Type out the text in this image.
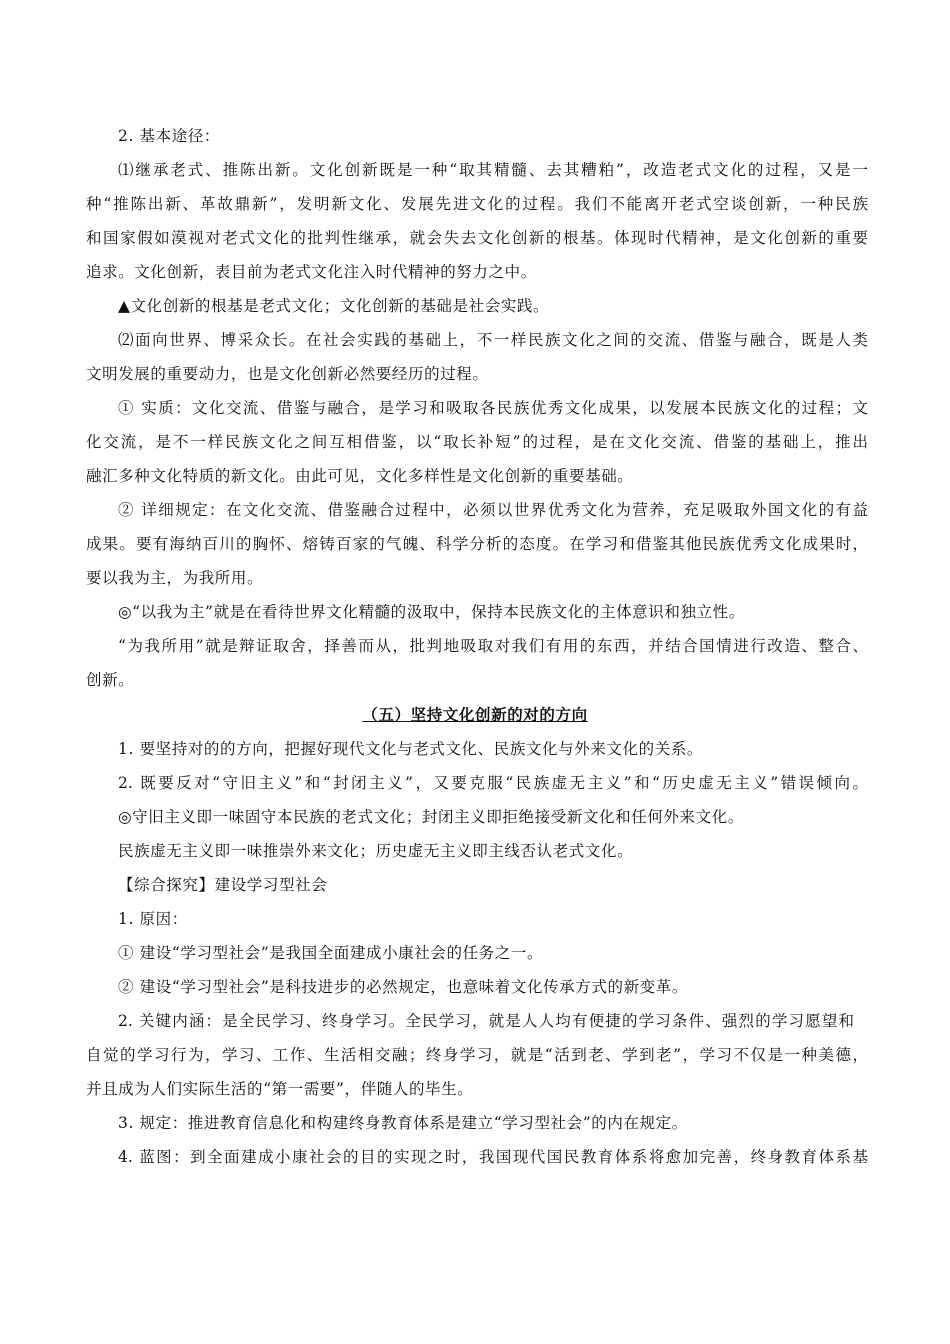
2. 基本途径：
⑴继承老式、推陈出新。文化创新既是一种“取其精髓、去其糟粕”，改造老式文化的过程，又是一
种“推陈出新、革故鼎新”，发明新文化、发展先进文化的过程。我们不能离开老式空谈创新，一种民族
和国家假如漠视对老式文化的批判性继承，就会失去文化创新的根基。体现时代精神，是文化创新的重要
追求。文化创新，表目前为老式文化注入时代精神的努力之中。
▲文化创新的根基是老式文化；文化创新的基础是社会实践。
⑵面向世界、博采众长。在社会实践的基础上，不一样民族文化之间的交流、借鉴与融合，既是人类
文明发展的重要动力，也是文化创新必然要经历的过程。
① 实质：文化交流、借鉴与融合，是学习和吸取各民族优秀文化成果，以发展本民族文化的过程；文
化交流，是不一样民族文化之间互相借鉴，以“取长补短”的过程，是在文化交流、借鉴的基础上，推出
融汇多种文化特质的新文化。由此可见，文化多样性是文化创新的重要基础。
② 详细规定：在文化交流、借鉴融合过程中，必须以世界优秀文化为营养，充足吸取外国文化的有益
成果。要有海纳百川的胸怀、熔铸百家的气魄、科学分析的态度。在学习和借鉴其他民族优秀文化成果时，
要以我为主，为我所用。
◎“以我为主”就是在看待世界文化精髓的汲取中，保持本民族文化的主体意识和独立性。
“为我所用”就是辩证取舍，择善而从，批判地吸取对我们有用的东西，并结合国情进行改造、整合、
创新。
（五）坚持文化创新的对的方向
1. 要坚持对的的方向，把握好现代文化与老式文化、民族文化与外来文化的关系。
2. 既要反对“守旧主义”和“封闭主义”，又要克服“民族虚无主义”和“历史虚无主义”错误倾向。
◎守旧主义即一味固守本民族的老式文化；封闭主义即拒绝接受新文化和任何外来文化。
民族虚无主义即一味推崇外来文化；历史虚无主义即主线否认老式文化。
【综合探究】建设学习型社会
1. 原因：
① 建设“学习型社会”是我国全面建成小康社会的任务之一。
② 建设“学习型社会”是科技进步的必然规定，也意味着文化传承方式的新变革。
2. 关键内涵：是全民学习、终身学习。全民学习，就是人人均有便捷的学习条件、强烈的学习愿望和
自觉的学习行为，学习、工作、生活相交融；终身学习，就是“活到老、学到老”，学习不仅是一种美德，
并且成为人们实际生活的“第一需要”，伴随人的毕生。
3. 规定：推进教育信息化和构建终身教育体系是建立“学习型社会”的内在规定。
4. 蓝图：到全面建成小康社会的目的实现之时，我国现代国民教育体系将愈加完善，终身教育体系基
